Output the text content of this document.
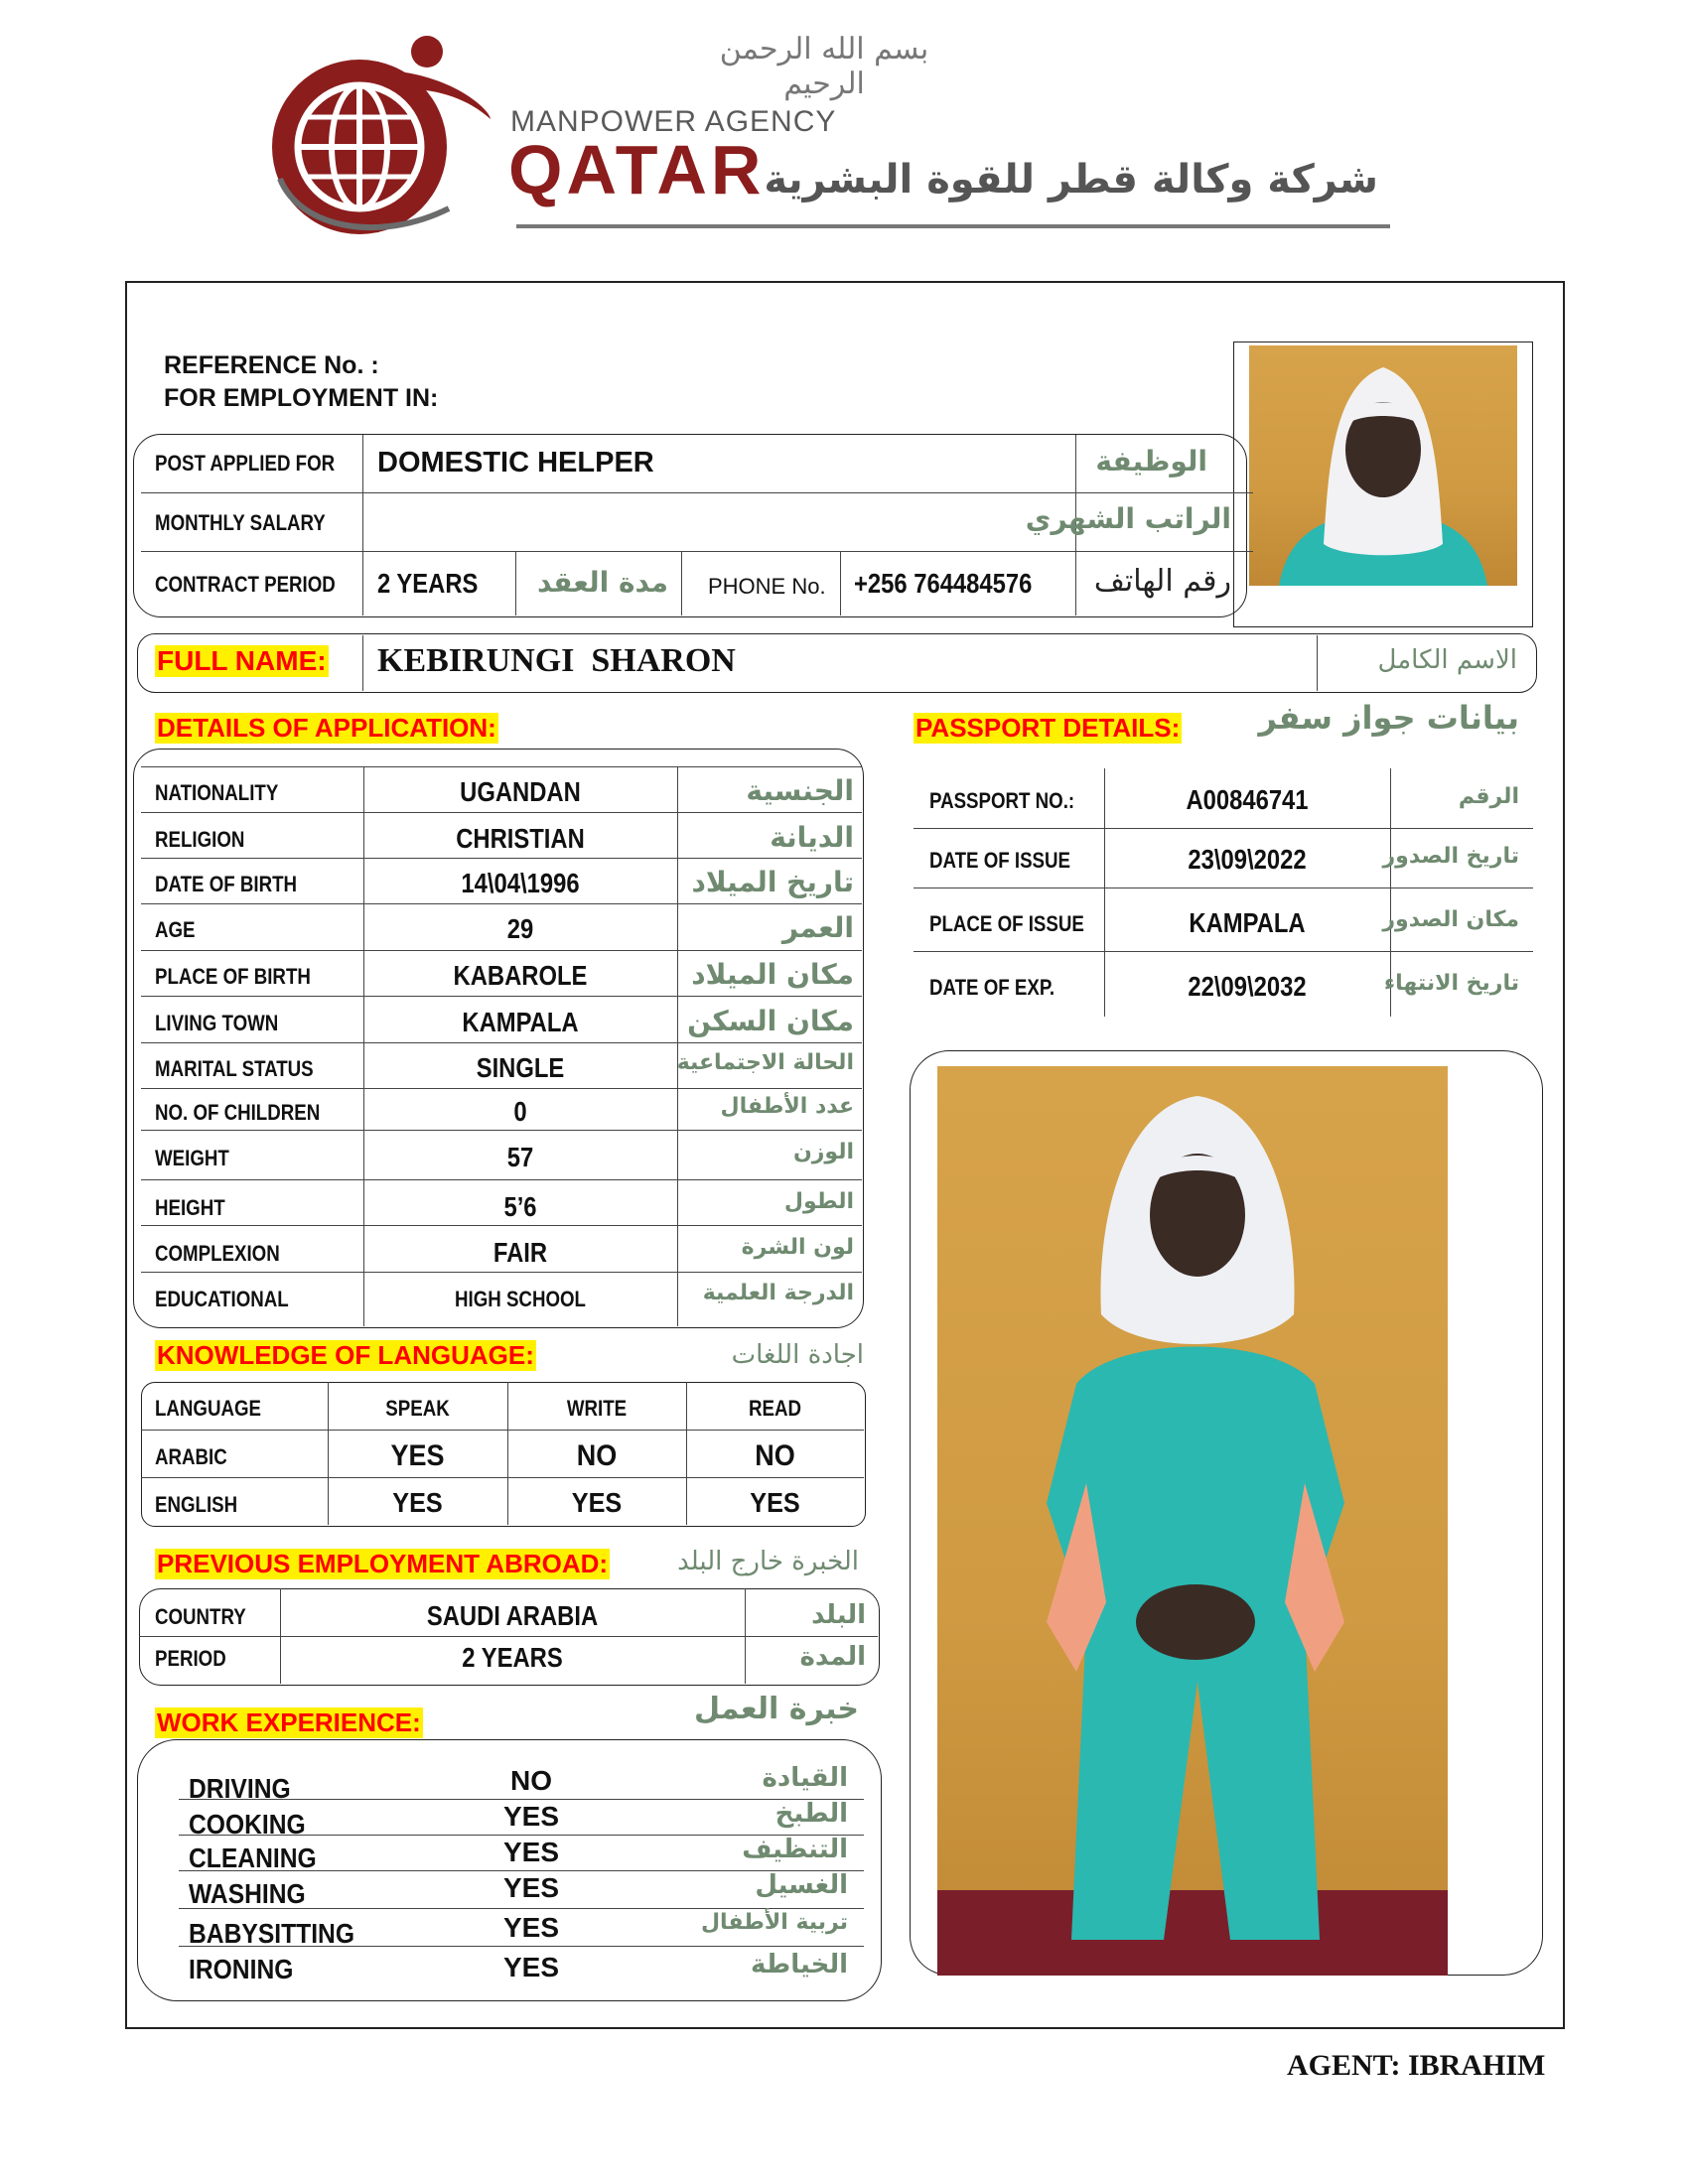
بسم الله الرحمن الرحيم
MANPOWER AGENCY
QATAR
شركة وكالة قطر للقوة البشرية
REFERENCE No. :
FOR EMPLOYMENT IN:
POST APPLIED FOR DOMESTIC HELPER	الوظيفة
MONTHLY SALARY	الراتب الشهري
CONTRACT PERIOD 2 YEARS	مدة العقد PHONE No. +256 764484576	رقم الهاتف
FULL NAME: KEBIRUNGI  SHARON	الاسم الكامل
DETAILS OF APPLICATION:
NATIONALITY	UGANDAN	الجنسية
RELIGION	CHRISTIAN	الديانة
DATE OF BIRTH	14\04\1996	تاريخ الميلاد
AGE	29	العمر
PLACE OF BIRTH	KABAROLE	مكان الميلاد
LIVING TOWN	KAMPALA	مكان السكن
MARITAL STATUS	SINGLE	الحالة الاجتماعية
NO. OF CHILDREN	0	عدد الأطفال
WEIGHT	57	الوزن
HEIGHT	5’6	الطول
COMPLEXION	FAIR	لون الشرة
EDUCATIONAL	HIGH SCHOOL	الدرجة العلمية
PASSPORT DETAILS:	بيانات جواز سفر
PASSPORT NO.:	A00846741	الرقم
DATE OF ISSUE	23\09\2022	تاريخ الصدور
PLACE OF ISSUE	KAMPALA	مكان الصدور
DATE OF EXP.	22\09\2032	تاريخ الانتهاء
KNOWLEDGE OF LANGUAGE:	اجادة اللغات
LANGUAGE	SPEAK	WRITE	READ
ARABIC	YES	NO	NO
ENGLISH	YES	YES	YES
PREVIOUS EMPLOYMENT ABROAD:	الخبرة خارج البلد
COUNTRY	SAUDI ARABIA	البلد
PERIOD	2 YEARS	المدة
WORK EXPERIENCE:	خبرة العمل
DRIVING	NO	القيادة
COOKING	YES	الطبخ
CLEANING	YES	التنظيف
WASHING	YES	الغسيل
BABYSITTING	YES	تربية الأطفال
IRONING	YES	الخياطة
AGENT: IBRAHIM
